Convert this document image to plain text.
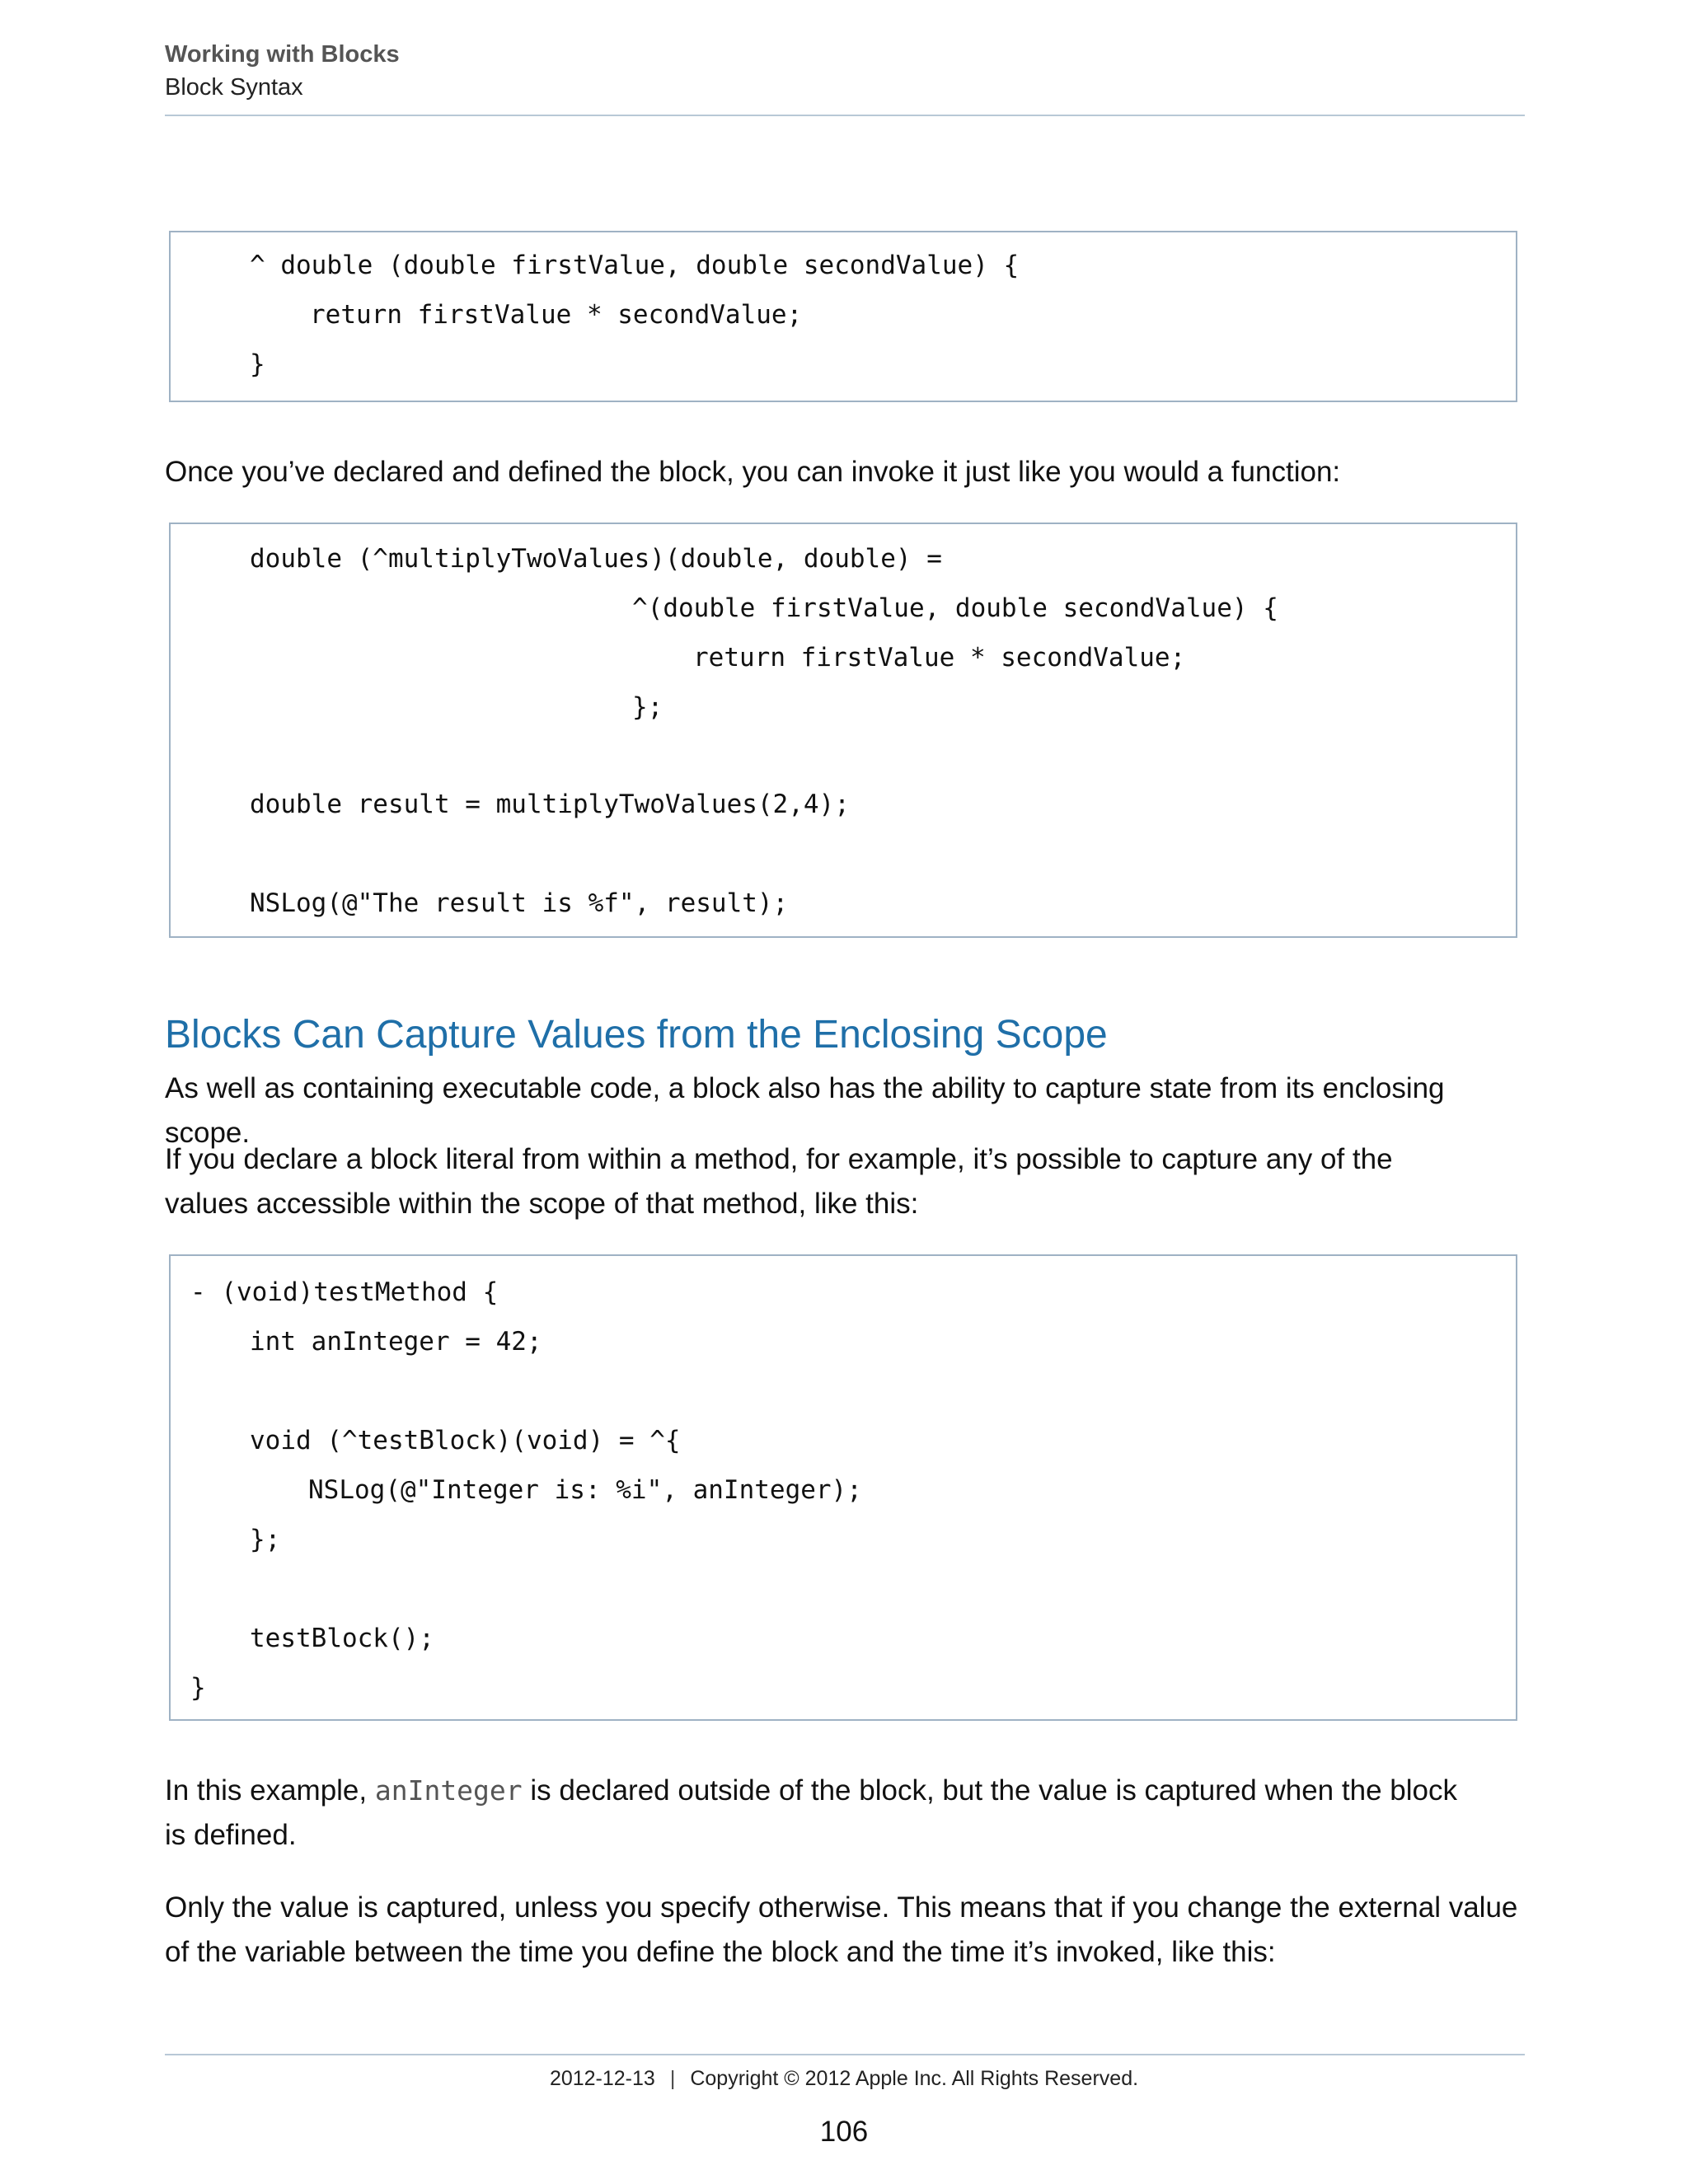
Working with Blocks
Block Syntax
^ double (double firstValue, double secondValue) {
return firstValue * secondValue;
}
Once you’ve declared and defined the block, you can invoke it just like you would a function:
double (^multiplyTwoValues)(double, double) =
^(double firstValue, double secondValue) {
return firstValue * secondValue;
};
double result = multiplyTwoValues(2,4);
NSLog(@"The result is %f", result);
Blocks Can Capture Values from the Enclosing Scope
As well as containing executable code, a block also has the ability to capture state from its enclosing scope.
If you declare a block literal from within a method, for example, it’s possible to capture any of the values accessible within the scope of that method, like this:
- (void)testMethod {
int anInteger = 42;
void (^testBlock)(void) = ^{
NSLog(@"Integer is: %i", anInteger);
};
testBlock();
}
In this example, anInteger is declared outside of the block, but the value is captured when the block is defined.
Only the value is captured, unless you specify otherwise. This means that if you change the external value of the variable between the time you define the block and the time it’s invoked, like this:
2012-12-13 | Copyright © 2012 Apple Inc. All Rights Reserved.
106
